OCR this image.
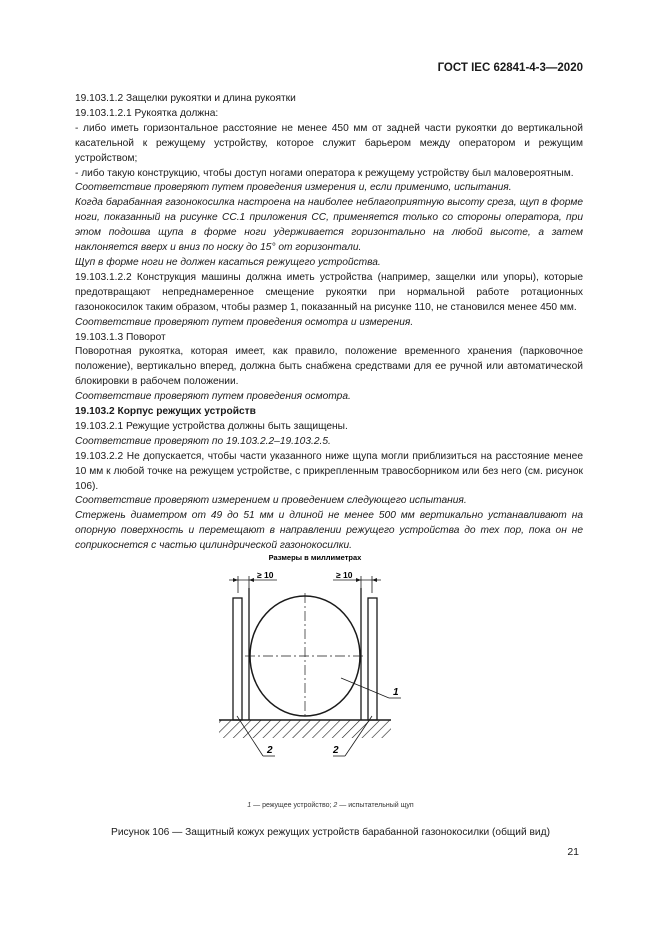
ГОСТ IEC 62841-4-3—2020

19.103.1.2 Защелки рукоятки и длина рукоятки

19.103.1.2.1 Рукоятка должна:

- либо иметь горизонтальное расстояние не менее 450 мм от задней части рукоятки до вертикальной касательной к режущему устройству, которое служит барьером между оператором и режущим устройством;

- либо такую конструкцию, чтобы доступ ногами оператора к режущему устройству был маловероятным.

Соответствие проверяют путем проведения измерения и, если применимо, испытания.

Когда барабанная газонокосилка настроена на наиболее неблагоприятную высоту среза, щуп в форме ноги, показанный на рисунке СС.1 приложения СС, применяется только со стороны оператора, при этом подошва щупа в форме ноги удерживается горизонтально на любой высоте, а затем наклоняется вверх и вниз по носку до 15° от горизонтали.

Щуп в форме ноги не должен касаться режущего устройства.

19.103.1.2.2 Конструкция машины должна иметь устройства (например, защелки или упоры), которые предотвращают непреднамеренное смещение рукоятки при нормальной работе ротационных газонокосилок таким образом, чтобы размер 1, показанный на рисунке 110, не становился менее 450 мм.

Соответствие проверяют путем проведения осмотра и измерения.

19.103.1.3 Поворот

Поворотная рукоятка, которая имеет, как правило, положение временного хранения (парковочное положение), вертикально вперед, должна быть снабжена средствами для ее ручной или автоматической блокировки в рабочем положении.

Соответствие проверяют путем проведения осмотра.

19.103.2 Корпус режущих устройств

19.103.2.1 Режущие устройства должны быть защищены.

Соответствие проверяют по 19.103.2.2–19.103.2.5.

19.103.2.2 Не допускается, чтобы части указанного ниже щупа могли приблизиться на расстояние менее 10 мм к любой точке на режущем устройстве, с прикрепленным травосборником или без него (см. рисунок 106).

Соответствие проверяют измерением и проведением следующего испытания.

Стержень диаметром от 49 до 51 мм и длиной не менее 500 мм вертикально устанавливают на опорную поверхность и перемещают в направлении режущего устройства до тех пор, пока он не соприкоснется с частью цилиндрической газонокосилки.

Размеры в миллиметрах
≥ 10	≥ 10
1
2	2
1 — режущее устройство; 2 — испытательный щуп
Рисунок 106 — Защитный кожух режущих устройств барабанной газонокосилки (общий вид)
21
